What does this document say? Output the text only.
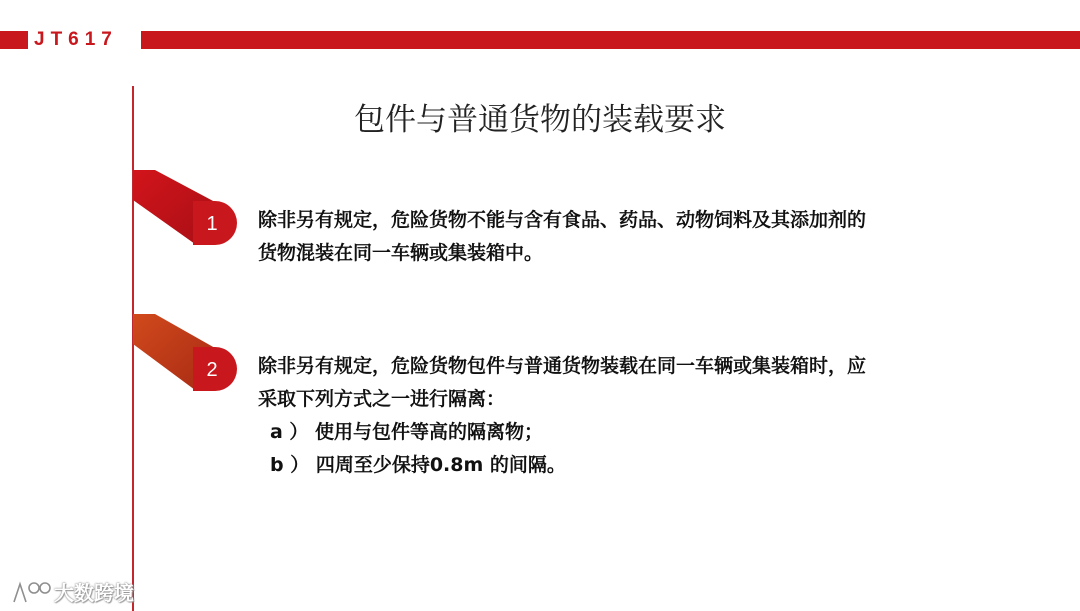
JT617
包件与普通货物的装载要求
1
2
除非另有规定，危险货物不能与含有食品、药品、动物饲料及其添加剂的
货物混装在同一车辆或集装箱中。
除非另有规定，危险货物包件与普通货物装载在同一车辆或集装箱时，应
采取下列方式之一进行隔离：
a ） 使用与包件等高的隔离物；
b ） 四周至少保持0.8m 的间隔。
大数跨境
